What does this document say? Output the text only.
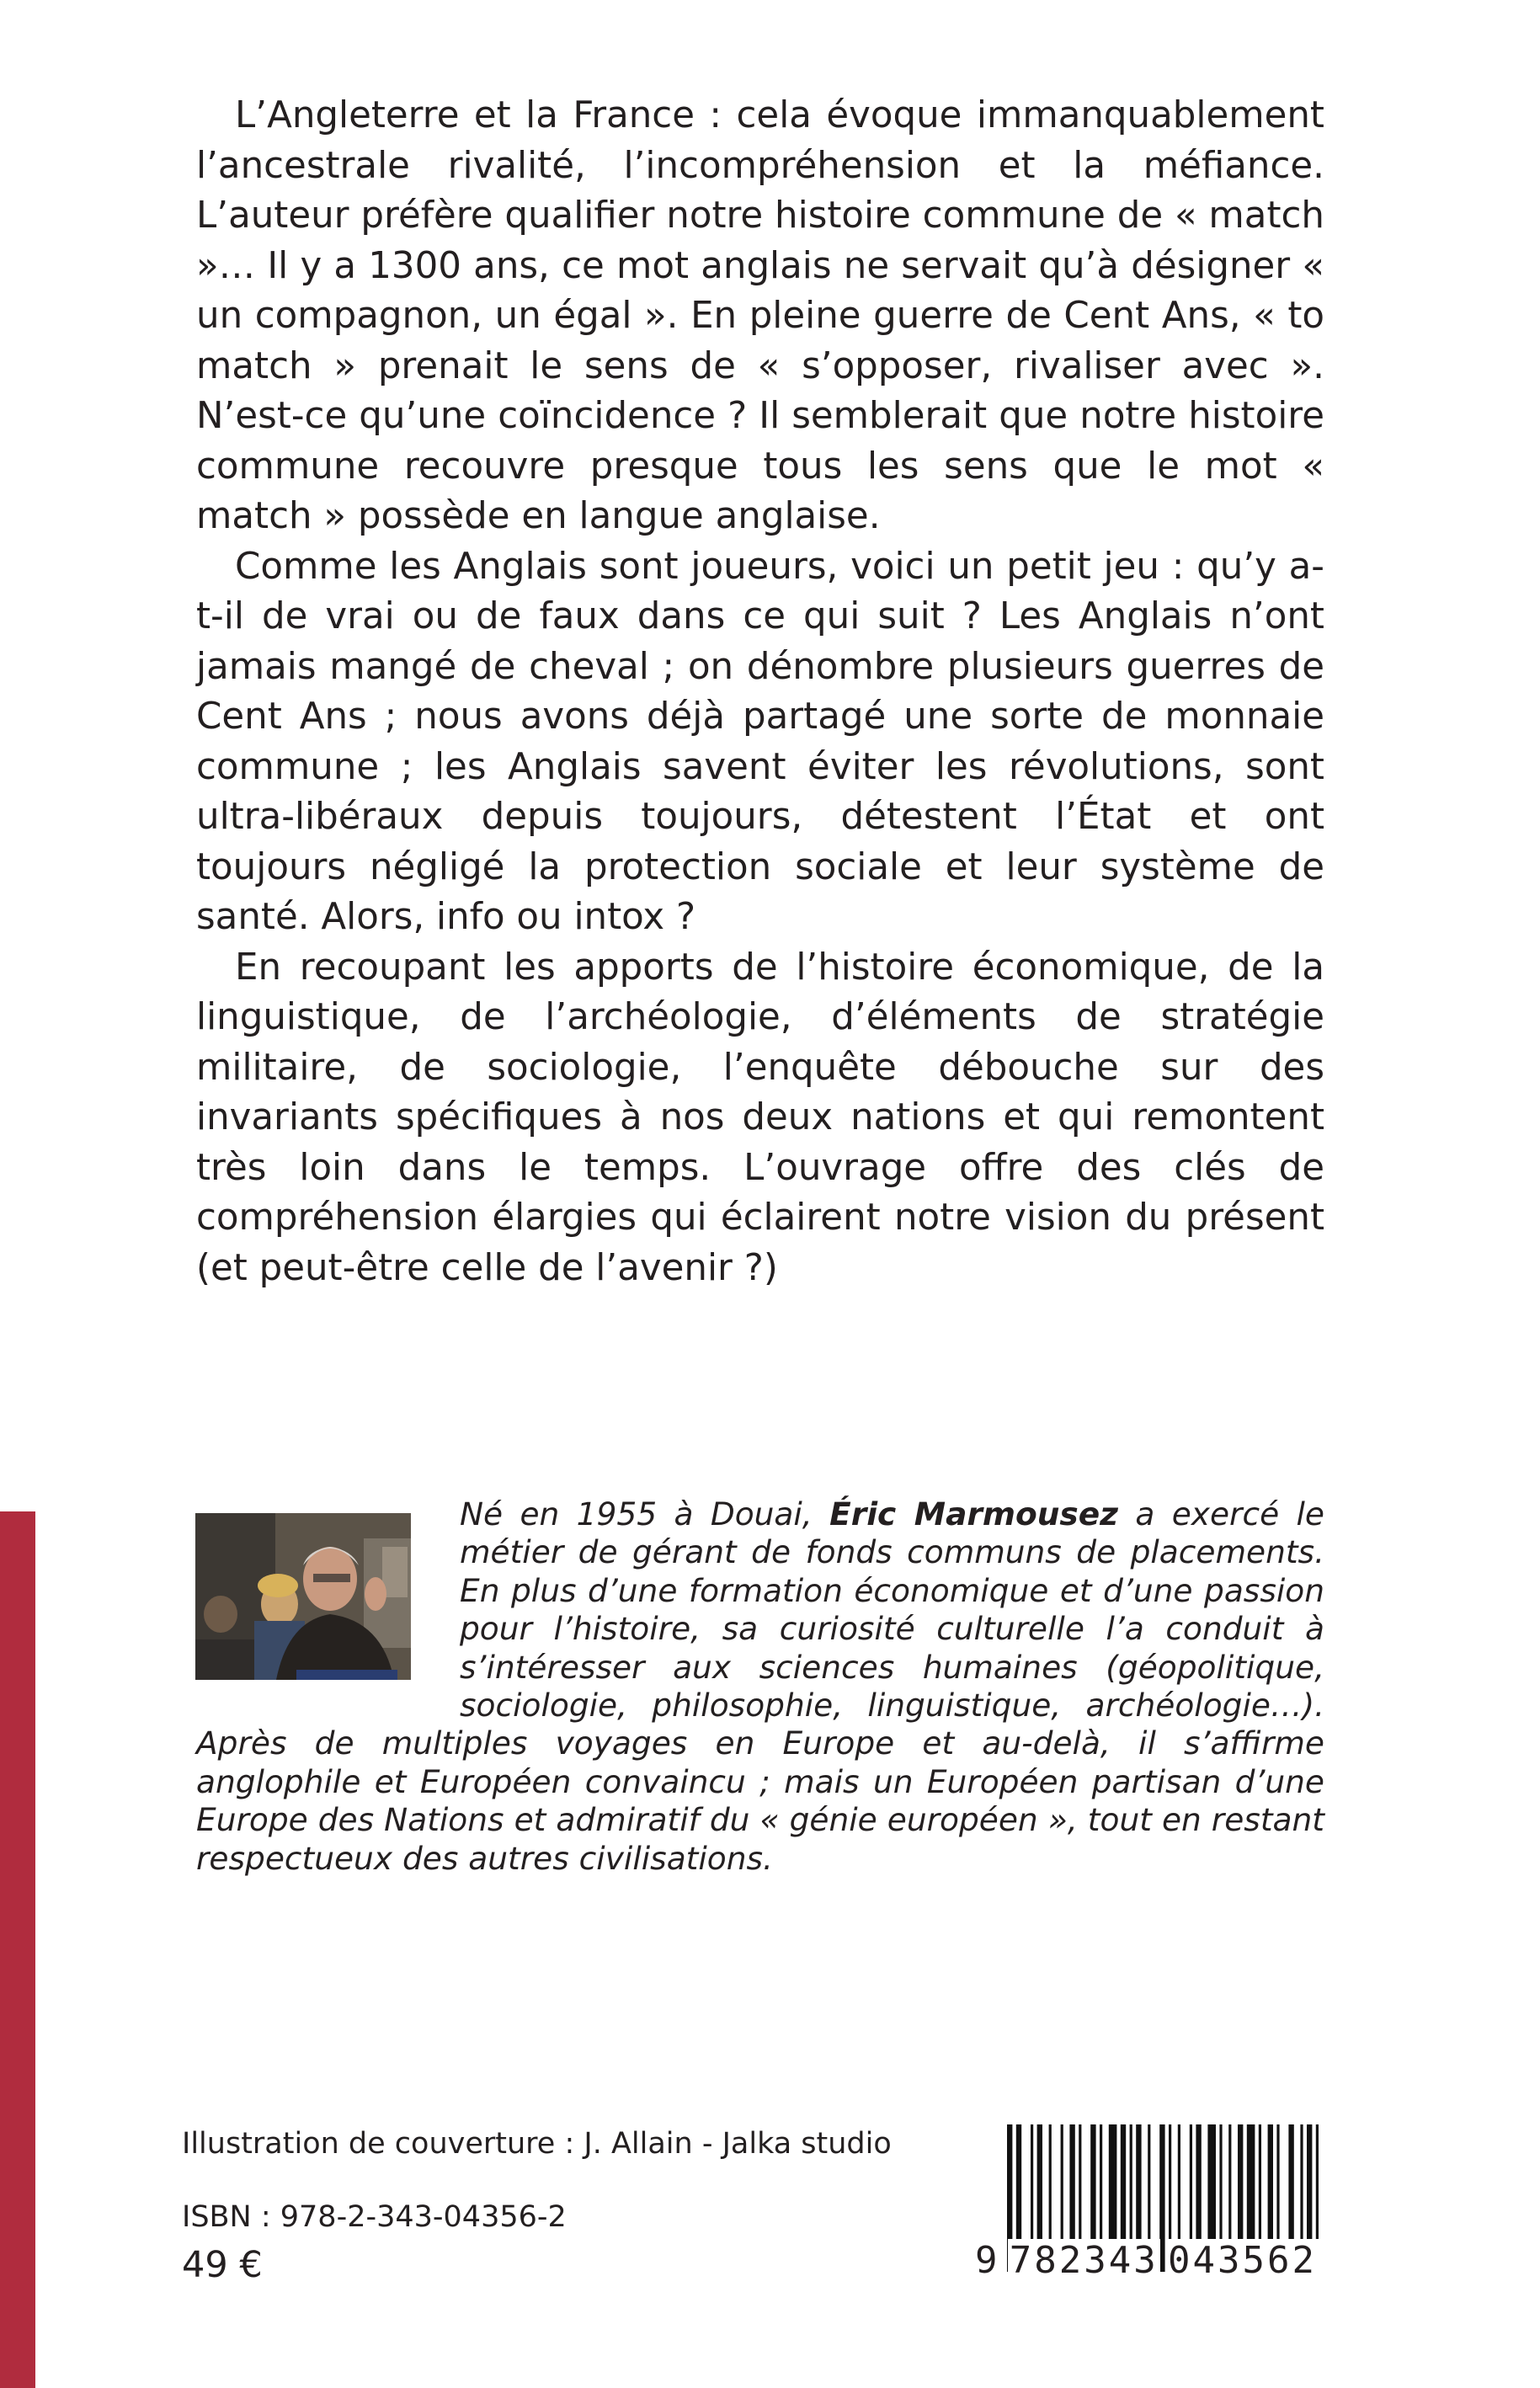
L’Angleterre et la France : cela évoque immanquablement l’ancestrale rivalité, l’incompréhension et la méfiance. L’auteur préfère qualifier notre histoire commune de « match »… Il y a 1300 ans, ce mot anglais ne servait qu’à désigner « un compagnon, un égal ». En pleine guerre de Cent Ans, « to match » prenait le sens de « s’opposer, rivaliser avec ». N’est-ce qu’une coïncidence ? Il semblerait que notre histoire commune recouvre presque tous les sens que le mot « match » possède en langue anglaise.

Comme les Anglais sont joueurs, voici un petit jeu : qu’y a-t-il de vrai ou de faux dans ce qui suit ? Les Anglais n’ont jamais mangé de cheval ; on dénombre plusieurs guerres de Cent Ans ; nous avons déjà partagé une sorte de monnaie commune ; les Anglais savent éviter les révolutions, sont ultra-libéraux depuis toujours, détestent l’État et ont toujours négligé la protection sociale et leur système de santé. Alors, info ou intox ?

En recoupant les apports de l’histoire économique, de la linguistique, de l’archéologie, d’éléments de stratégie militaire, de sociologie, l’enquête débouche sur des invariants spécifiques à nos deux nations et qui remontent très loin dans le temps. L’ouvrage offre des clés de compréhension élargies qui éclairent notre vision du présent (et peut-être celle de l’avenir ?)

Né en 1955 à Douai, Éric Marmousez a exercé le métier de gérant de fonds communs de placements. En plus d’une formation économique et d’une passion pour l’histoire, sa curiosité culturelle l’a conduit à s’intéresser aux sciences humaines (géopolitique, sociologie, philosophie, linguistique, archéologie…). Après de multiples voyages en Europe et au-delà, il s’affirme anglophile et Européen convaincu ; mais un Européen partisan d’une Europe des Nations et admiratif du « génie européen », tout en restant respectueux des autres civilisations.
Illustration de couverture : J. Allain - Jalka studio
ISBN : 978-2-343-04356-2
49 €	9 782343 043562
